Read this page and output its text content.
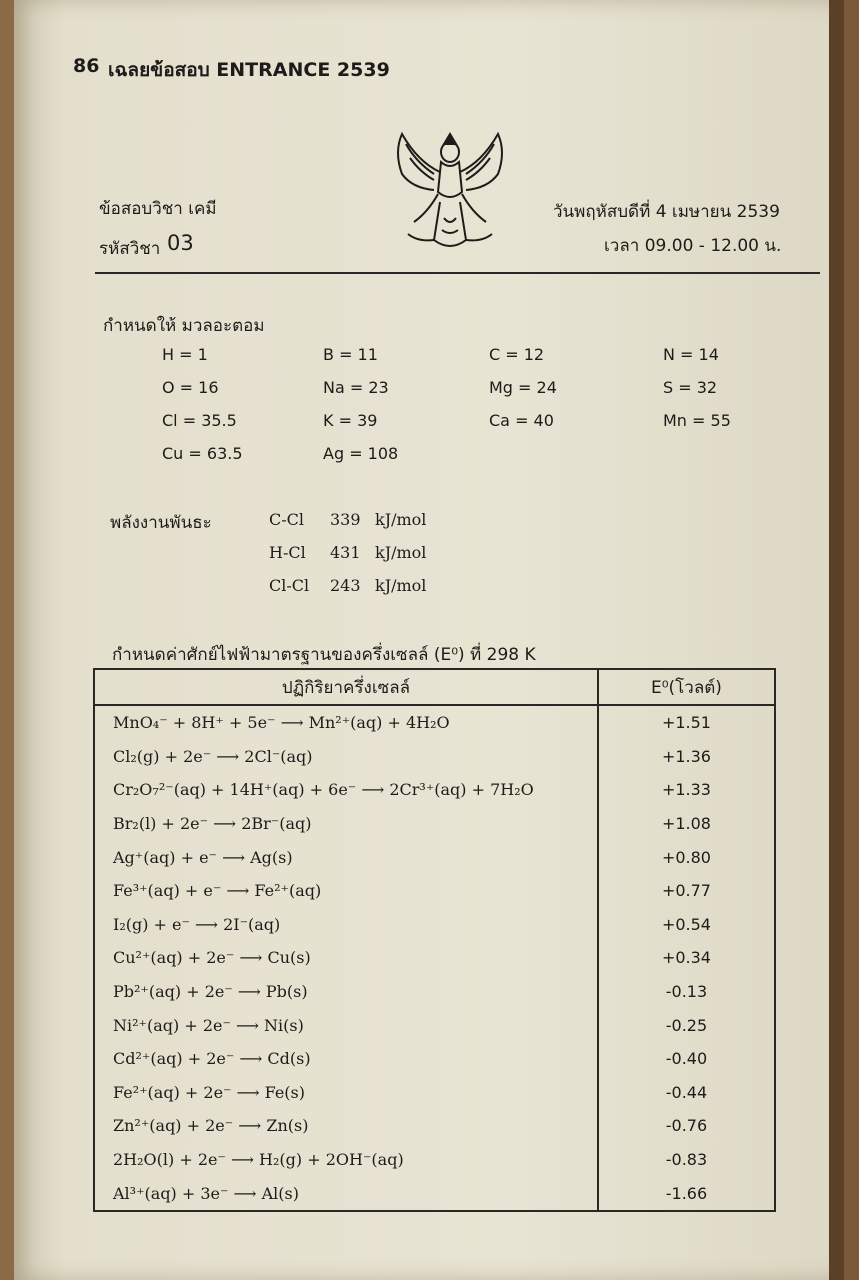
86 เฉลยข้อสอบ ENTRANCE 2539
ข้อสอบวิชา เคมี
รหัสวิชา 03
วันพฤหัสบดีที่ 4 เมษายน 2539
เวลา 09.00 - 12.00 น.
กำหนดให้ มวลอะตอม
H = 1	B = 11	C = 12	N = 14
O = 16	Na = 23	Mg = 24	S = 32
Cl = 35.5	K = 39	Ca = 40	Mn = 55
Cu = 63.5	Ag = 108
พลังงานพันธะ	C-Cl 339 kJ/mol
H-Cl 431 kJ/mol
Cl-Cl 243 kJ/mol
กำหนดค่าศักย์ไฟฟ้ามาตรฐานของครึ่งเซลล์ (E⁰) ที่ 298 K
ปฏิกิริยาครึ่งเซลล์	E⁰(โวลต์)
MnO₄⁻ + 8H⁺ + 5e⁻ ⟶ Mn²⁺(aq) + 4H₂O	+1.51
Cl₂(g) + 2e⁻ ⟶ 2Cl⁻(aq)	+1.36
Cr₂O₇²⁻(aq) + 14H⁺(aq) + 6e⁻ ⟶ 2Cr³⁺(aq) + 7H₂O	+1.33
Br₂(l) + 2e⁻ ⟶ 2Br⁻(aq)	+1.08
Ag⁺(aq) + e⁻ ⟶ Ag(s)	+0.80
Fe³⁺(aq) + e⁻ ⟶ Fe²⁺(aq)	+0.77
I₂(g) + e⁻ ⟶ 2I⁻(aq)	+0.54
Cu²⁺(aq) + 2e⁻ ⟶ Cu(s)	+0.34
Pb²⁺(aq) + 2e⁻ ⟶ Pb(s)	-0.13
Ni²⁺(aq) + 2e⁻ ⟶ Ni(s)	-0.25
Cd²⁺(aq) + 2e⁻ ⟶ Cd(s)	-0.40
Fe²⁺(aq) + 2e⁻ ⟶ Fe(s)	-0.44
Zn²⁺(aq) + 2e⁻ ⟶ Zn(s)	-0.76
2H₂O(l) + 2e⁻ ⟶ H₂(g) + 2OH⁻(aq)	-0.83
Al³⁺(aq) + 3e⁻ ⟶ Al(s)	-1.66
